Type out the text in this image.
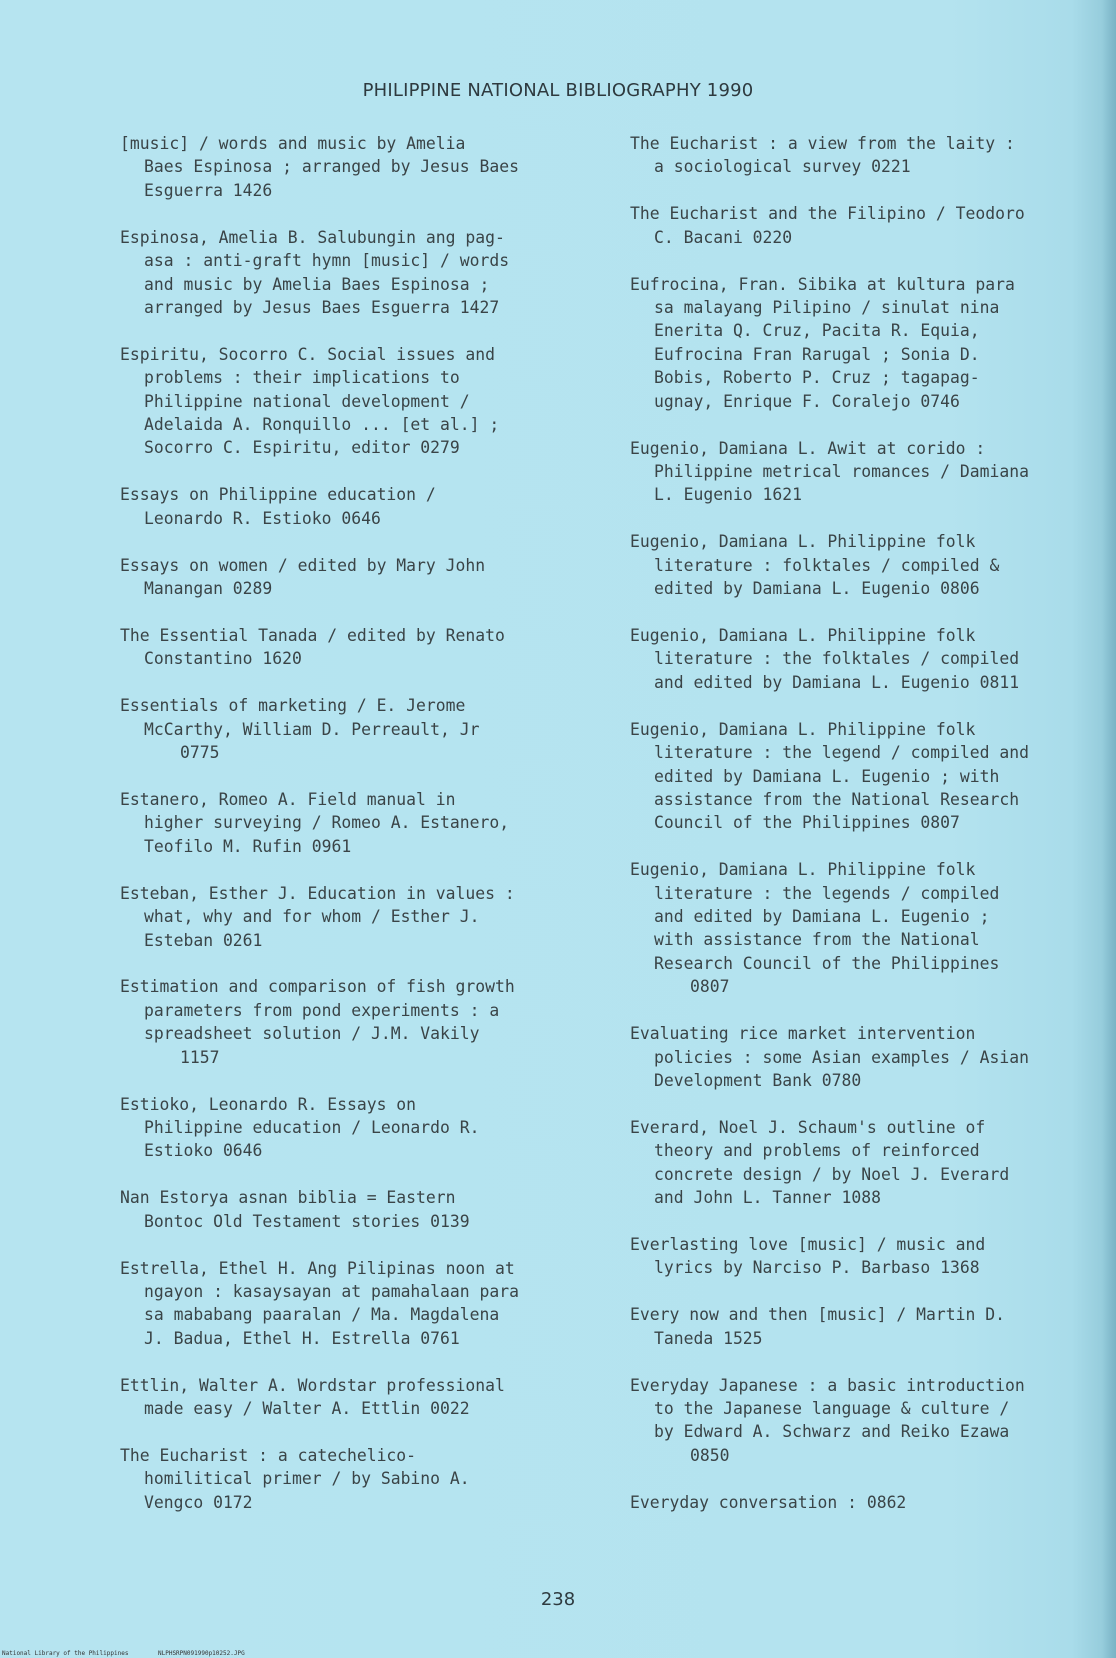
PHILIPPINE NATIONAL BIBLIOGRAPHY 1990
[music] / words and music by Amelia
Baes Espinosa ; arranged by Jesus Baes
Esguerra 1426
Espinosa, Amelia B. Salubungin ang pag-
asa : anti-graft hymn [music] / words
and music by Amelia Baes Espinosa ;
arranged by Jesus Baes Esguerra 1427
Espiritu, Socorro C. Social issues and
problems : their implications to
Philippine national development /
Adelaida A. Ronquillo ... [et al.] ;
Socorro C. Espiritu, editor 0279
Essays on Philippine education /
Leonardo R. Estioko 0646
Essays on women / edited by Mary John
Manangan 0289
The Essential Tanada / edited by Renato
Constantino 1620
Essentials of marketing / E. Jerome
McCarthy, William D. Perreault, Jr
0775
Estanero, Romeo A. Field manual in
higher surveying / Romeo A. Estanero,
Teofilo M. Rufin 0961
Esteban, Esther J. Education in values :
what, why and for whom / Esther J.
Esteban 0261
Estimation and comparison of fish growth
parameters from pond experiments : a
spreadsheet solution / J.M. Vakily
1157
Estioko, Leonardo R. Essays on
Philippine education / Leonardo R.
Estioko 0646
Nan Estorya asnan biblia = Eastern
Bontoc Old Testament stories 0139
Estrella, Ethel H. Ang Pilipinas noon at
ngayon : kasaysayan at pamahalaan para
sa mababang paaralan / Ma. Magdalena
J. Badua, Ethel H. Estrella 0761
Ettlin, Walter A. Wordstar professional
made easy / Walter A. Ettlin 0022
The Eucharist : a catechelico-
homilitical primer / by Sabino A.
Vengco 0172
The Eucharist : a view from the laity :
a sociological survey 0221
The Eucharist and the Filipino / Teodoro
C. Bacani 0220
Eufrocina, Fran. Sibika at kultura para
sa malayang Pilipino / sinulat nina
Enerita Q. Cruz, Pacita R. Equia,
Eufrocina Fran Rarugal ; Sonia D.
Bobis, Roberto P. Cruz ; tagapag-
ugnay, Enrique F. Coralejo 0746
Eugenio, Damiana L. Awit at corido :
Philippine metrical romances / Damiana
L. Eugenio 1621
Eugenio, Damiana L. Philippine folk
literature : folktales / compiled &
edited by Damiana L. Eugenio 0806
Eugenio, Damiana L. Philippine folk
literature : the folktales / compiled
and edited by Damiana L. Eugenio 0811
Eugenio, Damiana L. Philippine folk
literature : the legend / compiled and
edited by Damiana L. Eugenio ; with
assistance from the National Research
Council of the Philippines 0807
Eugenio, Damiana L. Philippine folk
literature : the legends / compiled
and edited by Damiana L. Eugenio ;
with assistance from the National
Research Council of the Philippines
0807
Evaluating rice market intervention
policies : some Asian examples / Asian
Development Bank 0780
Everard, Noel J. Schaum's outline of
theory and problems of reinforced
concrete design / by Noel J. Everard
and John L. Tanner 1088
Everlasting love [music] / music and
lyrics by Narciso P. Barbaso 1368
Every now and then [music] / Martin D.
Taneda 1525
Everyday Japanese : a basic introduction
to the Japanese language & culture /
by Edward A. Schwarz and Reiko Ezawa
0850
Everyday conversation : 0862
238
National Library of the Philippines	NLPHSRPN091990p10252.JPG
